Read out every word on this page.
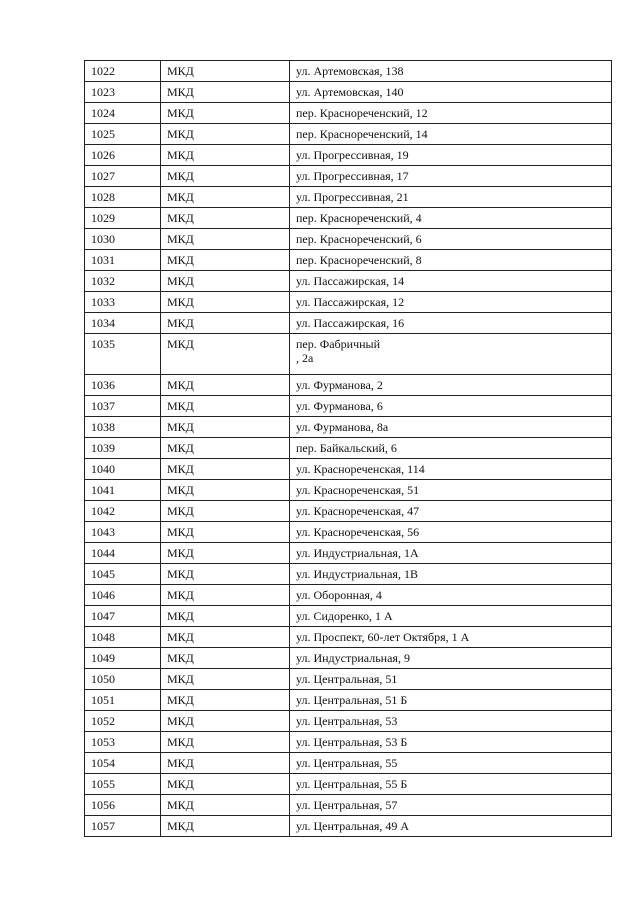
1022	МКД	ул. Артемовская, 138

1023	МКД	ул. Артемовская, 140

1024	МКД	пер. Краснореченский, 12

1025	МКД	пер. Краснореченский, 14

1026	МКД	ул. Прогрессивная, 19

1027	МКД	ул. Прогрессивная, 17

1028	МКД	ул. Прогрессивная, 21

1029	МКД	пер. Краснореченский, 4

1030	МКД	пер. Краснореченский, 6

1031	МКД	пер. Краснореченский, 8

1032	МКД	ул. Пассажирская, 14

1033	МКД	ул. Пассажирская, 12

1034	МКД	ул. Пассажирская, 16

1035	МКД	пер. Фабричный
, 2а

1036	МКД	ул. Фурманова, 2

1037	МКД	ул. Фурманова, 6

1038	МКД	ул. Фурманова, 8а

1039	МКД	пер. Байкальский, 6

1040	МКД	ул. Краснореченская, 114

1041	МКД	ул. Краснореченская, 51

1042	МКД	ул. Краснореченская, 47

1043	МКД	ул. Краснореченская, 56

1044	МКД	ул. Индустриальная, 1А

1045	МКД	ул. Индустриальная, 1В

1046	МКД	ул. Оборонная, 4

1047	МКД	ул. Сидоренко, 1 А

1048	МКД	ул. Проспект, 60-лет Октября, 1 А

1049	МКД	ул. Индустриальная, 9

1050	МКД	ул. Центральная, 51

1051	МКД	ул. Центральная, 51 Б

1052	МКД	ул. Центральная, 53

1053	МКД	ул. Центральная, 53 Б

1054	МКД	ул. Центральная, 55

1055	МКД	ул. Центральная, 55 Б

1056	МКД	ул. Центральная, 57

1057	МКД	ул. Центральная, 49 А
